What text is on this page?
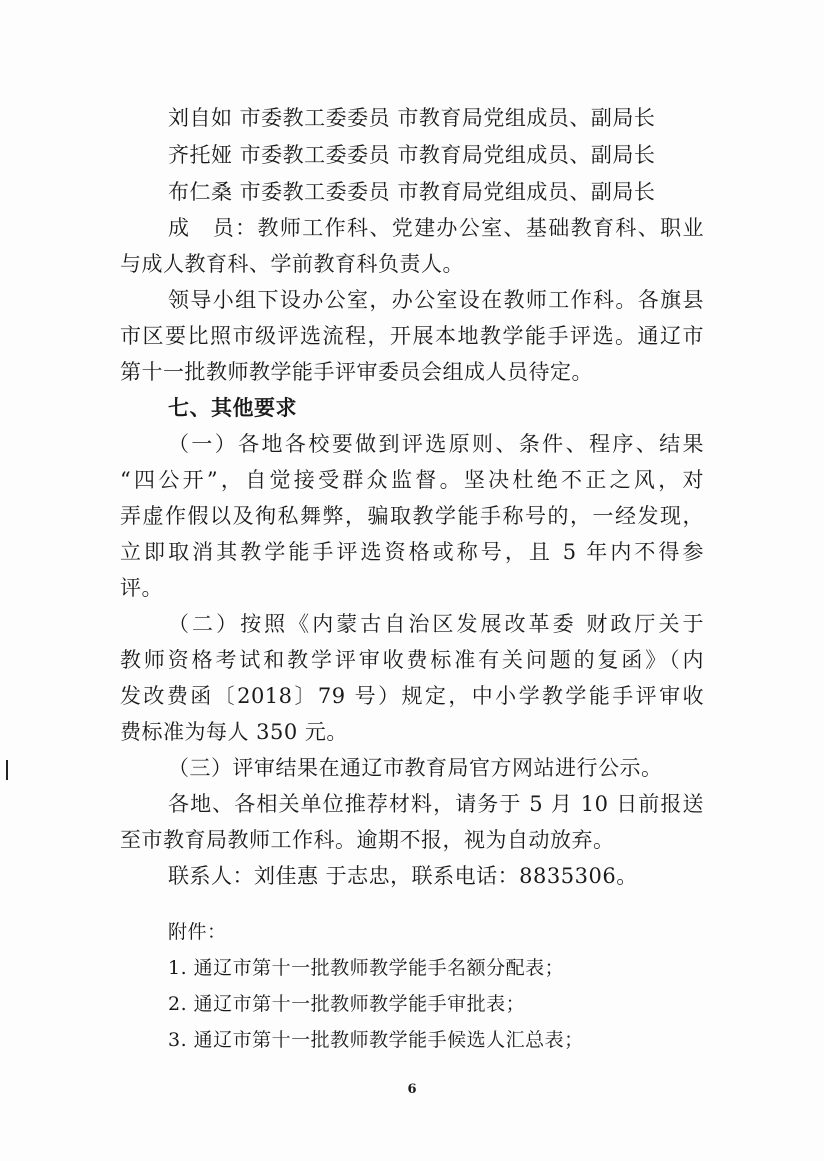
刘自如 市委教工委委员 市教育局党组成员、副局长
齐托娅 市委教工委委员 市教育局党组成员、副局长
布仁桑 市委教工委委员 市教育局党组成员、副局长
成　员：教师工作科、党建办公室、基础教育科、职业
与成人教育科、学前教育科负责人。
领导小组下设办公室，办公室设在教师工作科。各旗县
市区要比照市级评选流程，开展本地教学能手评选。通辽市
第十一批教师教学能手评审委员会组成人员待定。
七、其他要求
（一）各地各校要做到评选原则、条件、程序、结果
“四公开”，自觉接受群众监督。坚决杜绝不正之风，对
弄虚作假以及徇私舞弊，骗取教学能手称号的，一经发现，
立即取消其教学能手评选资格或称号，且 5 年内不得参
评。
（二）按照《内蒙古自治区发展改革委 财政厅关于
教师资格考试和教学评审收费标准有关问题的复函》（内
发改费函〔2018〕79 号）规定，中小学教学能手评审收
费标准为每人 350 元。
（三）评审结果在通辽市教育局官方网站进行公示。
各地、各相关单位推荐材料，请务于 5 月 10 日前报送
至市教育局教师工作科。逾期不报，视为自动放弃。
联系人：刘佳惠 于志忠，联系电话：8835306。
附件：
1. 通辽市第十一批教师教学能手名额分配表；
2. 通辽市第十一批教师教学能手审批表；
3. 通辽市第十一批教师教学能手候选人汇总表；
6
